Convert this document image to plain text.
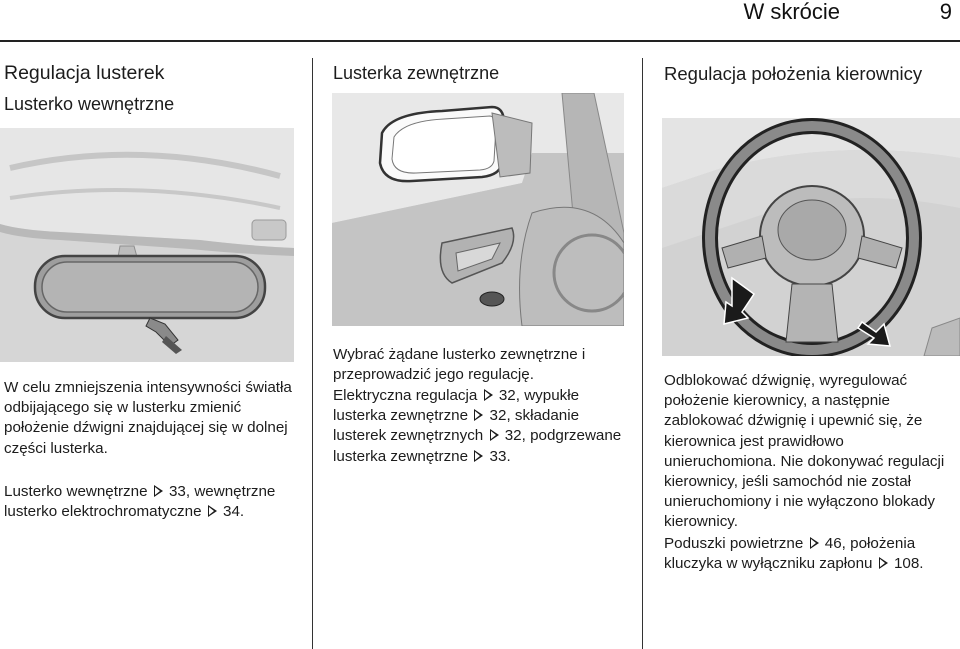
W skrócie	9
Regulacja lusterek
Lusterko wewnętrzne

W celu zmniejszenia intensywności światła odbijającego się w lusterku zmienić położenie dźwigni znajdującej się w dolnej części lusterka.

Lusterko wewnętrzne 33, wewnętrzne lusterko elektrochromatyczne 34.

Lusterka zewnętrzne

Wybrać żądane lusterko zewnętrzne i przeprowadzić jego regulację.

Elektryczna regulacja 32, wypukłe lusterka zewnętrzne 32, składanie lusterek zewnętrznych 32, podgrzewane lusterka zewnętrzne 33.

Regulacja położenia kierownicy

Odblokować dźwignię, wyregulować położenie kierownicy, a następnie zablokować dźwignię i upewnić się, że kierownica jest prawidłowo unieruchomiona. Nie dokonywać regulacji kierownicy, jeśli samochód nie został unieruchomiony i nie wyłączono blokady kierownicy.

Poduszki powietrzne 46, położenia kluczyka w wyłączniku zapłonu 108.
